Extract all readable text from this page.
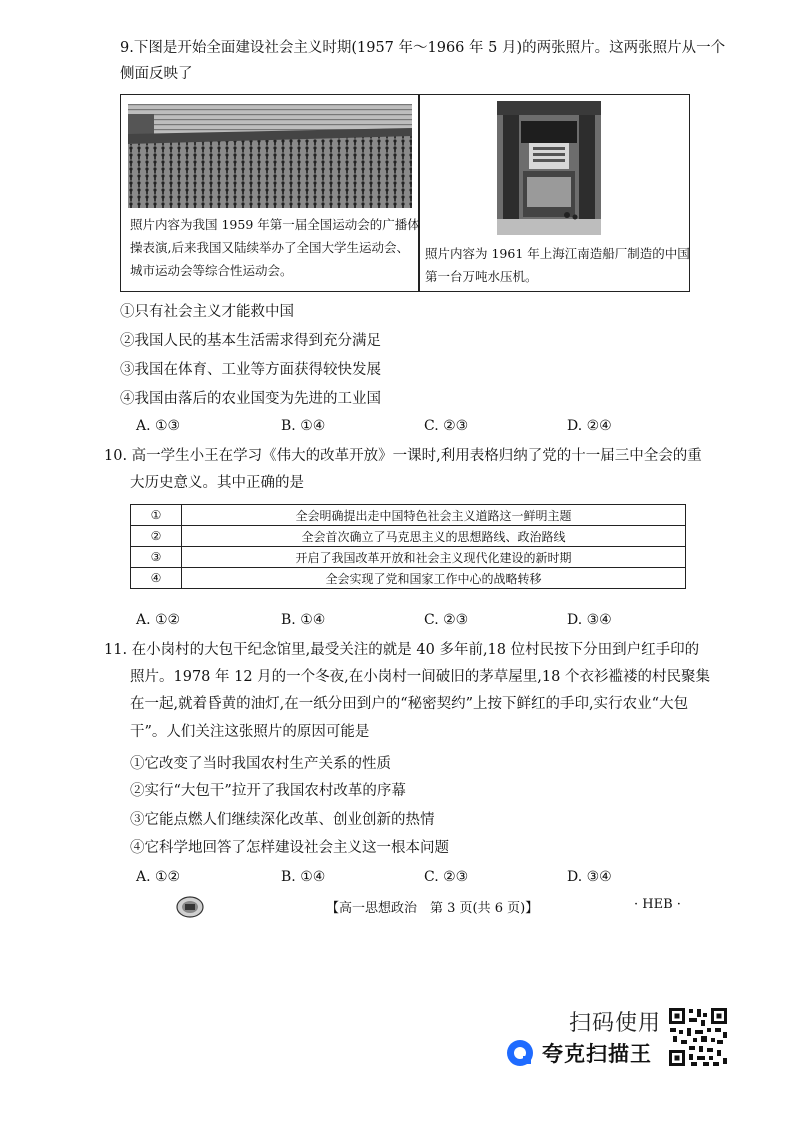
9.下图是开始全面建设社会主义时期(1957 年～1966 年 5 月)的两张照片。这两张照片从一个
侧面反映了
照片内容为我国 1959 年第一届全国运动会的广播体
操表演,后来我国又陆续举办了全国大学生运动会、
城市运动会等综合性运动会。
照片内容为 1961 年上海江南造船厂制造的中国
第一台万吨水压机。
①只有社会主义才能救中国
②我国人民的基本生活需求得到充分满足
③我国在体育、工业等方面获得较快发展
④我国由落后的农业国变为先进的工业国
A. ①③	B. ①④	C. ②③	D. ②④
10. 高一学生小王在学习《伟大的改革开放》一课时,利用表格归纳了党的十一届三中全会的重
大历史意义。其中正确的是
①	全会明确提出走中国特色社会主义道路这一鲜明主题
②	全会首次确立了马克思主义的思想路线、政治路线
③	开启了我国改革开放和社会主义现代化建设的新时期
④	全会实现了党和国家工作中心的战略转移
A. ①②	B. ①④	C. ②③	D. ③④
11. 在小岗村的大包干纪念馆里,最受关注的就是 40 多年前,18 位村民按下分田到户红手印的
照片。1978 年 12 月的一个冬夜,在小岗村一间破旧的茅草屋里,18 个衣衫褴褛的村民聚集
在一起,就着昏黄的油灯,在一纸分田到户的“秘密契约”上按下鲜红的手印,实行农业“大包
干”。人们关注这张照片的原因可能是
①它改变了当时我国农村生产关系的性质
②实行“大包干”拉开了我国农村改革的序幕
③它能点燃人们继续深化改革、创业创新的热情
④它科学地回答了怎样建设社会主义这一根本问题
A. ①②	B. ①④	C. ②③	D. ③④
【高一思想政治　第 3 页(共 6 页)】	· HEB ·
扫码使用
夸克扫描王
